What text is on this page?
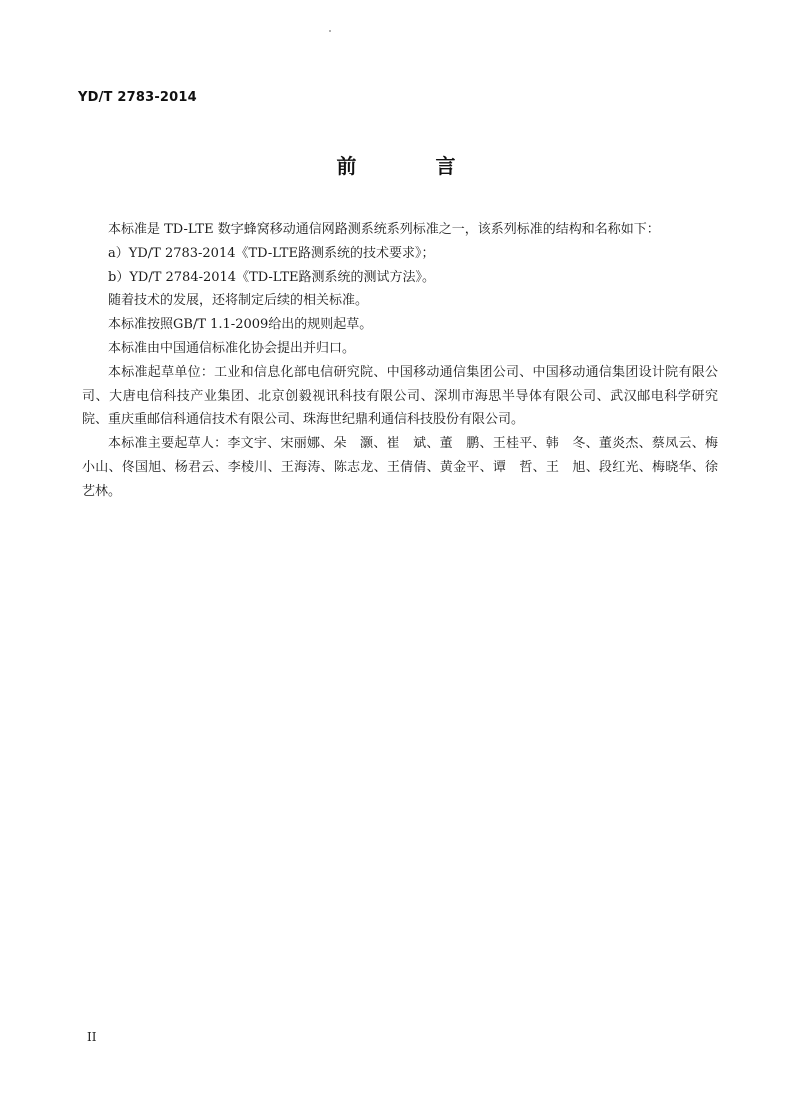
YD/T 2783-2014
前 言

本标准是 TD-LTE 数字蜂窝移动通信网路测系统系列标准之一，该系列标准的结构和名称如下：

a）YD/T 2783-2014《TD-LTE路测系统的技术要求》；

b）YD/T 2784-2014《TD-LTE路测系统的测试方法》。

随着技术的发展，还将制定后续的相关标准。

本标准按照GB/T 1.1-2009给出的规则起草。

本标准由中国通信标准化协会提出并归口。

本标准起草单位：工业和信息化部电信研究院、中国移动通信集团公司、中国移动通信集团设计院有限公司、大唐电信科技产业集团、北京创毅视讯科技有限公司、深圳市海思半导体有限公司、武汉邮电科学研究院、重庆重邮信科通信技术有限公司、珠海世纪鼎利通信科技股份有限公司。

本标准主要起草人：李文宇、宋丽娜、朵　灏、崔　斌、董　鹏、王桂平、韩　冬、董炎杰、蔡凤云、梅小山、佟国旭、杨君云、李棱川、王海涛、陈志龙、王倩倩、黄金平、谭　哲、王　旭、段红光、梅晓华、徐艺林。

II
